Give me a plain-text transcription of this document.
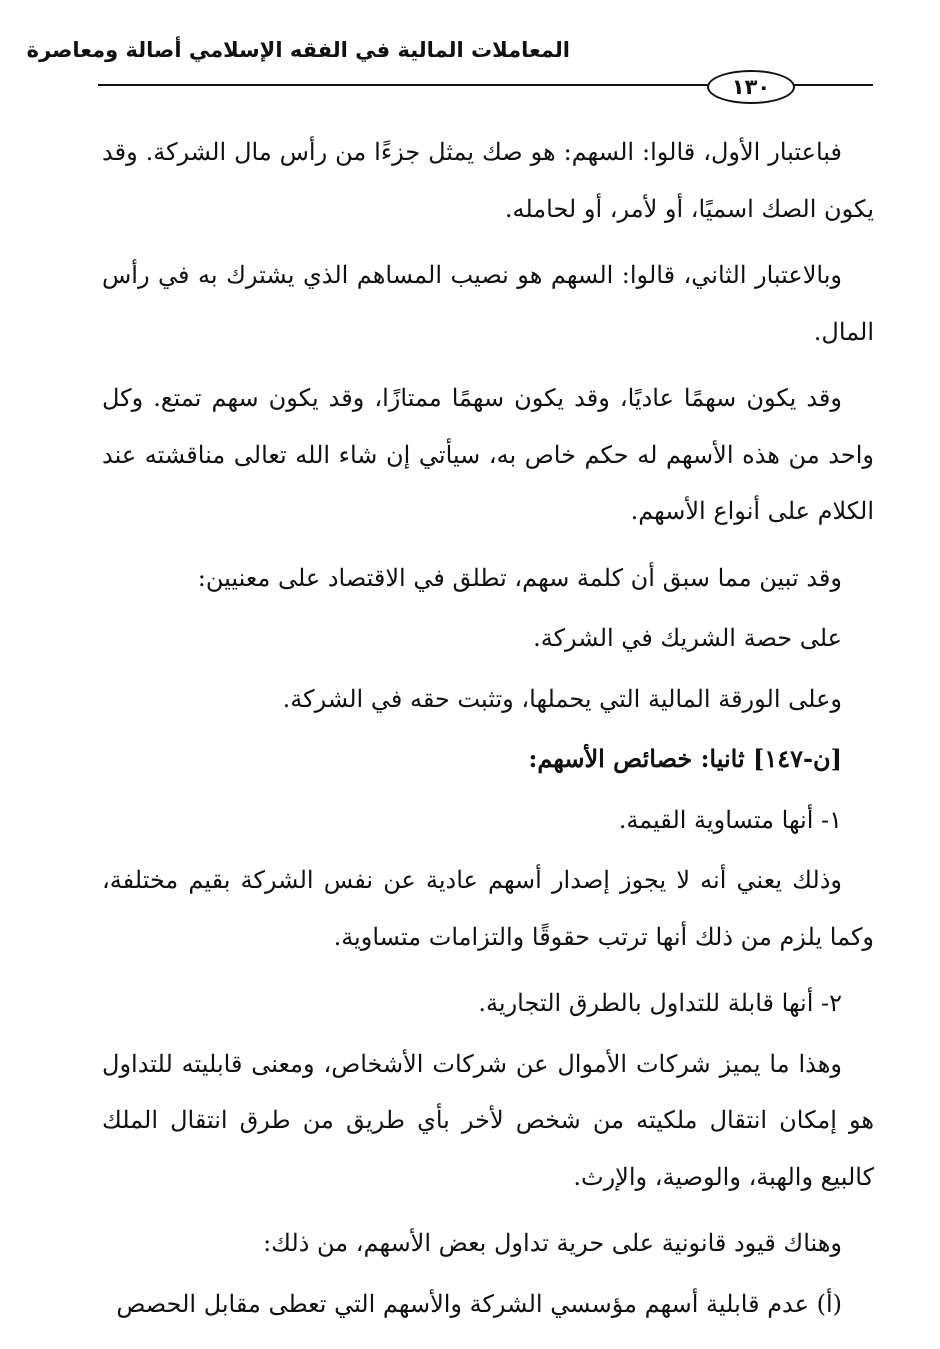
المعاملات المالية في الفقه الإسلامي أصالة ومعاصرة
١٣٠

فباعتبار الأول، قالوا: السهم: هو صك يمثل جزءًا من رأس مال الشركة. وقد يكون الصك اسميًا، أو لأمر، أو لحامله.

وبالاعتبار الثاني، قالوا: السهم هو نصيب المساهم الذي يشترك به في رأس المال.

وقد يكون سهمًا عاديًا، وقد يكون سهمًا ممتازًا، وقد يكون سهم تمتع. وكل واحد من هذه الأسهم له حكم خاص به، سيأتي إن شاء الله تعالى مناقشته عند الكلام على أنواع الأسهم.

وقد تبين مما سبق أن كلمة سهم، تطلق في الاقتصاد على معنيين:

على حصة الشريك في الشركة.

وعلى الورقة المالية التي يحملها، وتثبت حقه في الشركة.

[ن-١٤٧] ثانيا: خصائص الأسهم:

١- أنها متساوية القيمة.

وذلك يعني أنه لا يجوز إصدار أسهم عادية عن نفس الشركة بقيم مختلفة، وكما يلزم من ذلك أنها ترتب حقوقًا والتزامات متساوية.

٢- أنها قابلة للتداول بالطرق التجارية.

وهذا ما يميز شركات الأموال عن شركات الأشخاص، ومعنى قابليته للتداول هو إمكان انتقال ملكيته من شخص لأخر بأي طريق من طرق انتقال الملك كالبيع والهبة، والوصية، والإرث.

وهناك قيود قانونية على حرية تداول بعض الأسهم، من ذلك:

(أ) عدم قابلية أسهم مؤسسي الشركة والأسهم التي تعطى مقابل الحصص
